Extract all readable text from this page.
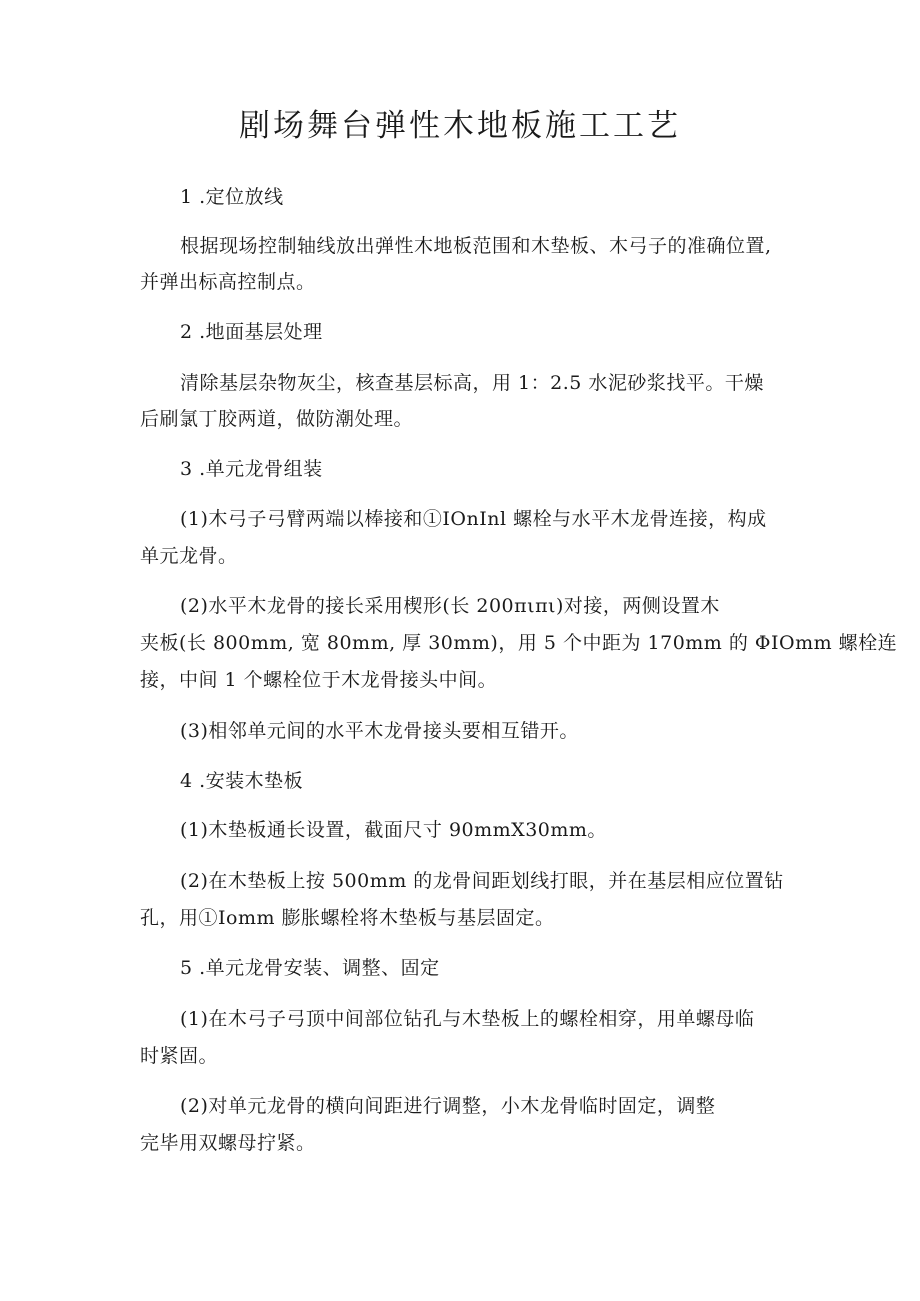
剧场舞台弹性木地板施工工艺
1 .定位放线
根据现场控制轴线放出弹性木地板范围和木垫板、木弓子的准确位置,
并弹出标高控制点。
2 .地面基层处理
清除基层杂物灰尘，核查基层标高，用 1：2.5 水泥砂浆找平。干燥
后刷氯丁胶两道，做防潮处理。
3 .单元龙骨组装
(1)木弓子弓臂两端以棒接和①IOnInl 螺栓与水平木龙骨连接，构成
单元龙骨。
(2)水平木龙骨的接长采用楔形(长 200πιπι)对接，两侧设置木
夹板(长 800mm, 宽 80mm, 厚 30mm)，用 5 个中距为 170mm 的 ΦIOmm 螺栓连
接，中间 1 个螺栓位于木龙骨接头中间。
(3)相邻单元间的水平木龙骨接头要相互错开。
4 .安装木垫板
(1)木垫板通长设置，截面尺寸 90mmX30mm。
(2)在木垫板上按 500mm 的龙骨间距划线打眼，并在基层相应位置钻
孔，用①Iomm 膨胀螺栓将木垫板与基层固定。
5 .单元龙骨安装、调整、固定
(1)在木弓子弓顶中间部位钻孔与木垫板上的螺栓相穿，用单螺母临
时紧固。
(2)对单元龙骨的横向间距进行调整，小木龙骨临时固定，调整
完毕用双螺母拧紧。
